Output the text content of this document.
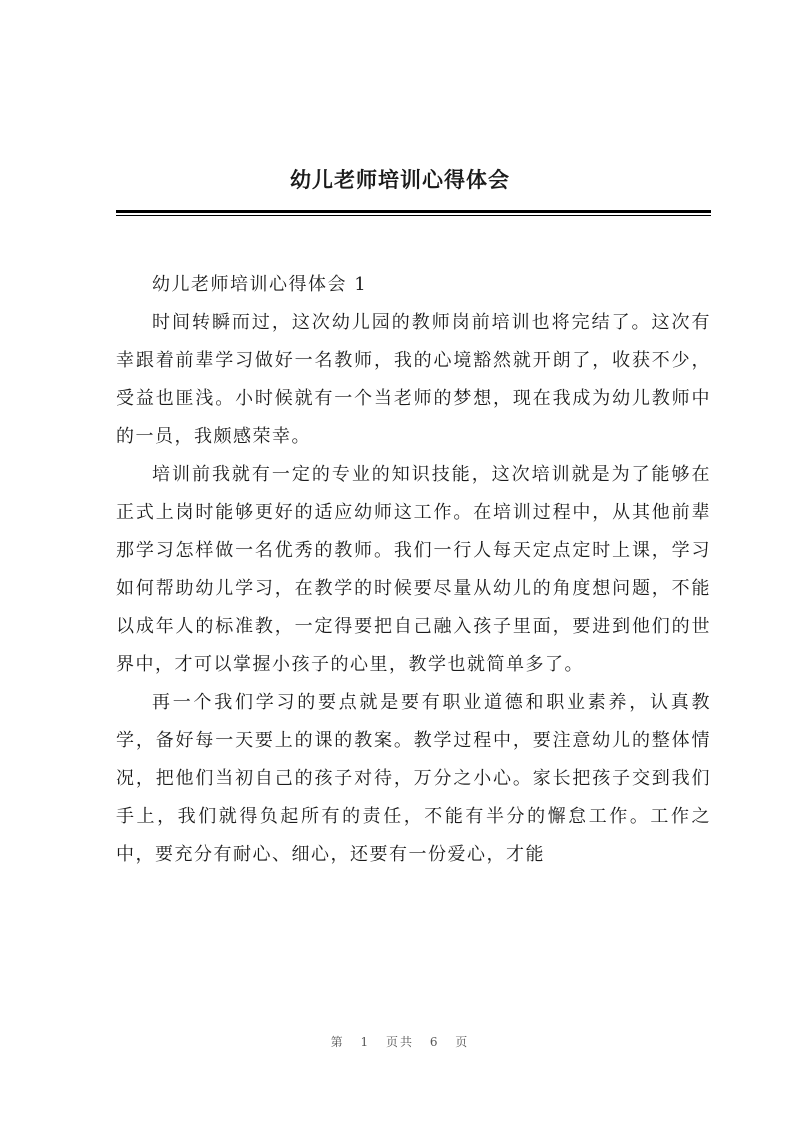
幼儿老师培训心得体会

幼儿老师培训心得体会 1

时间转瞬而过，这次幼儿园的教师岗前培训也将完结了。这次有幸跟着前辈学习做好一名教师，我的心境豁然就开朗了，收获不少，受益也匪浅。小时候就有一个当老师的梦想，现在我成为幼儿教师中的一员，我颇感荣幸。

培训前我就有一定的专业的知识技能，这次培训就是为了能够在正式上岗时能够更好的适应幼师这工作。在培训过程中，从其他前辈那学习怎样做一名优秀的教师。我们一行人每天定点定时上课，学习如何帮助幼儿学习，在教学的时候要尽量从幼儿的角度想问题，不能以成年人的标准教，一定得要把自己融入孩子里面，要进到他们的世界中，才可以掌握小孩子的心里，教学也就简单多了。

再一个我们学习的要点就是要有职业道德和职业素养，认真教学，备好每一天要上的课的教案。教学过程中，要注意幼儿的整体情况，把他们当初自己的孩子对待，万分之小心。家长把孩子交到我们手上，我们就得负起所有的责任，不能有半分的懈怠工作。工作之中，要充分有耐心、细心，还要有一份爱心，才能

第 1 页共 6 页
